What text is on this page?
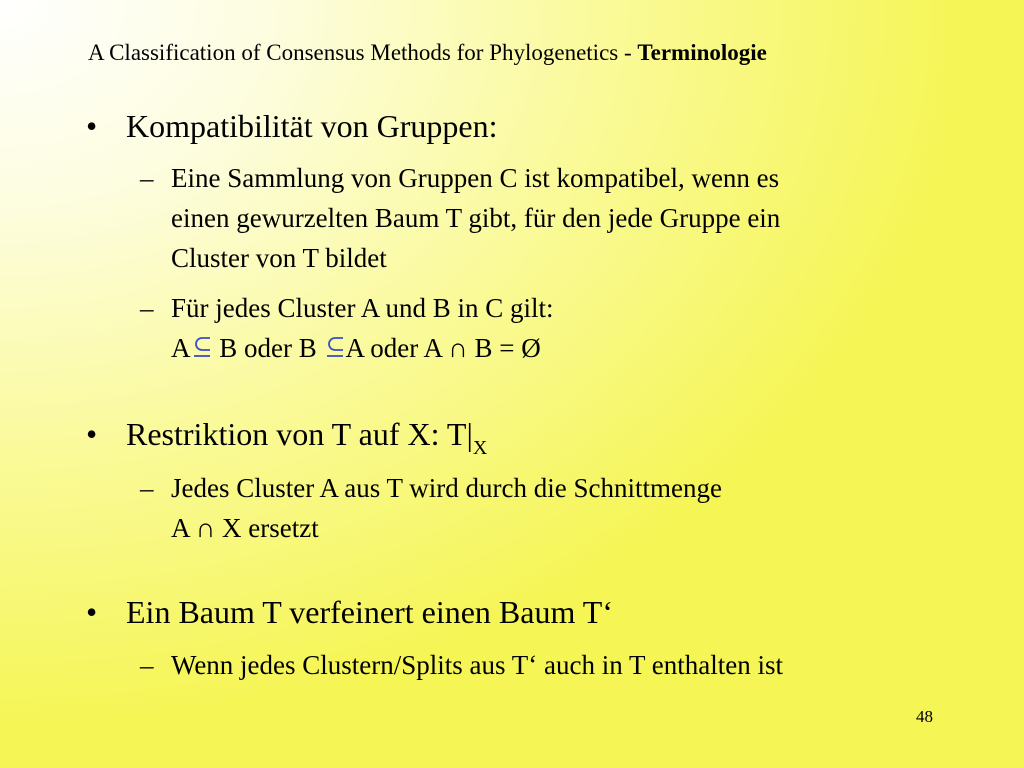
A Classification of Consensus Methods for Phylogenetics - Terminologie
• Kompatibilität von Gruppen:
– Eine Sammlung von Gruppen C ist kompatibel, wenn es
einen gewurzelten Baum T gibt, für den jede Gruppe ein
Cluster von T bildet
– Für jedes Cluster A und B in C gilt:
A
B oder B
A oder A ∩ B = Ø
• Restriktion von T auf X: $T|_X$
– Jedes Cluster A aus T wird durch die Schnittmenge
A ∩ X ersetzt
• Ein Baum T verfeinert einen Baum T‘
– Wenn jedes Clustern/Splits aus T‘ auch in T enthalten ist
48
